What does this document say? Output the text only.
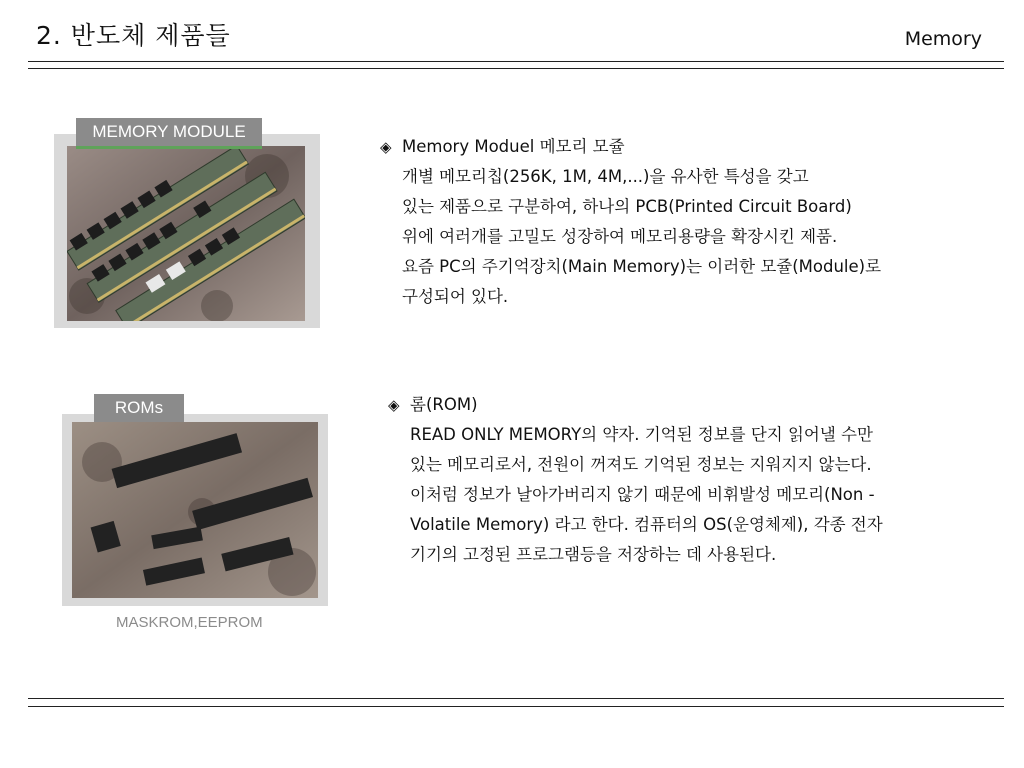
2. 반도체 제품들	Memory
MEMORY MODULE
◈ Memory Moduel 메모리 모쥴
개별 메모리칩(256K, 1M, 4M,...)을 유사한 특성을 갖고
있는 제품으로 구분하여, 하나의 PCB(Printed Circuit Board)
위에 여러개를 고밀도 성장하여 메모리용량을 확장시킨 제품.
요즘 PC의 주기억장치(Main Memory)는 이러한 모쥴(Module)로
구성되어 있다.
ROMs
MASKROM,EEPROM
◈ 롬(ROM)
READ ONLY MEMORY의 약자. 기억된 정보를 단지 읽어낼 수만
있는 메모리로서, 전원이 꺼져도 기억된 정보는 지워지지 않는다.
이처럼 정보가 날아가버리지 않기 때문에 비휘발성 메모리(Non -
Volatile Memory) 라고 한다. 컴퓨터의 OS(운영체제), 각종 전자
기기의 고정된 프로그램등을 저장하는 데 사용된다.
